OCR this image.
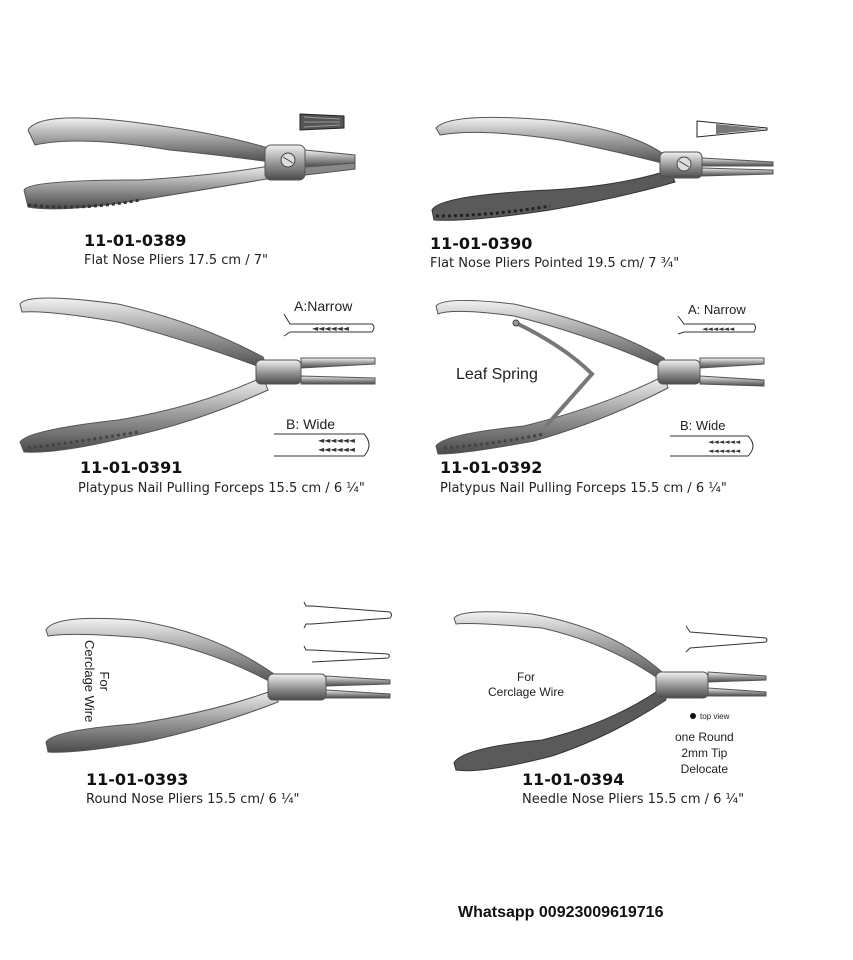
11-01-0389
Flat Nose Pliers 17.5 cm / 7"
11-01-0390
Flat Nose Pliers Pointed 19.5 cm/ 7 ¾"
A:Narrow
◄◄◄◄◄◄
B: Wide
◄◄◄◄◄◄
◄◄◄◄◄◄
11-01-0391
Platypus Nail Pulling Forceps 15.5 cm / 6 ¼"
Leaf Spring
A: Narrow
◄◄◄◄◄◄
B: Wide
◄◄◄◄◄◄
◄◄◄◄◄◄
11-01-0392
Platypus Nail Pulling Forceps 15.5 cm / 6 ¼"
For
Cerclage Wire
11-01-0393
Round Nose Pliers 15.5 cm/ 6 ¼"
For
Cerclage Wire
top view
one Round
2mm Tip
Delocate
11-01-0394
Needle Nose Pliers 15.5 cm / 6 ¼"
Whatsapp 00923009619716
